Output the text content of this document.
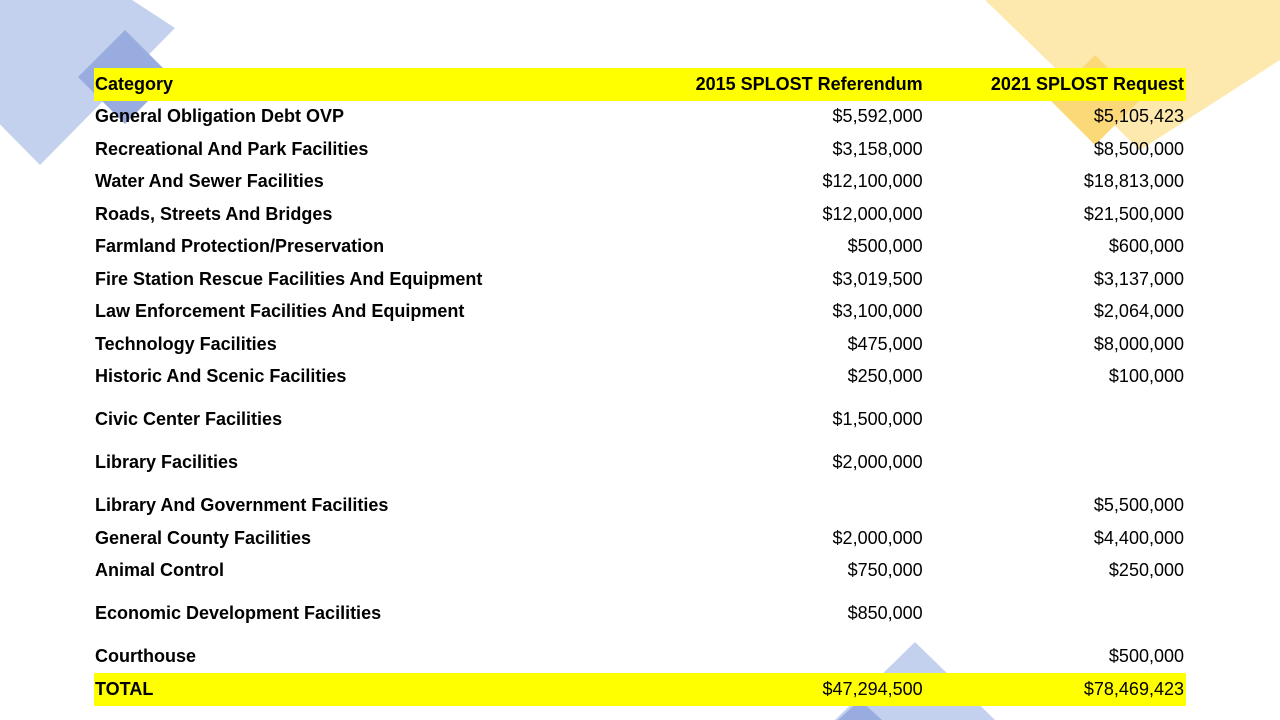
Category	2015 SPLOST Referendum	2021 SPLOST Request
General Obligation Debt OVP	$5,592,000	$5,105,423
Recreational And Park Facilities	$3,158,000	$8,500,000
Water And Sewer Facilities	$12,100,000	$18,813,000
Roads, Streets And Bridges	$12,000,000	$21,500,000
Farmland Protection/Preservation	$500,000	$600,000
Fire Station Rescue Facilities And Equipment	$3,019,500	$3,137,000
Law Enforcement Facilities And Equipment	$3,100,000	$2,064,000
Technology Facilities	$475,000	$8,000,000
Historic And Scenic Facilities	$250,000	$100,000
Civic Center Facilities	$1,500,000	
Library Facilities	$2,000,000	
Library And Government Facilities		$5,500,000
General County Facilities	$2,000,000	$4,400,000
Animal Control	$750,000	$250,000
Economic Development Facilities	$850,000	
Courthouse		$500,000
TOTAL	$47,294,500	$78,469,423
